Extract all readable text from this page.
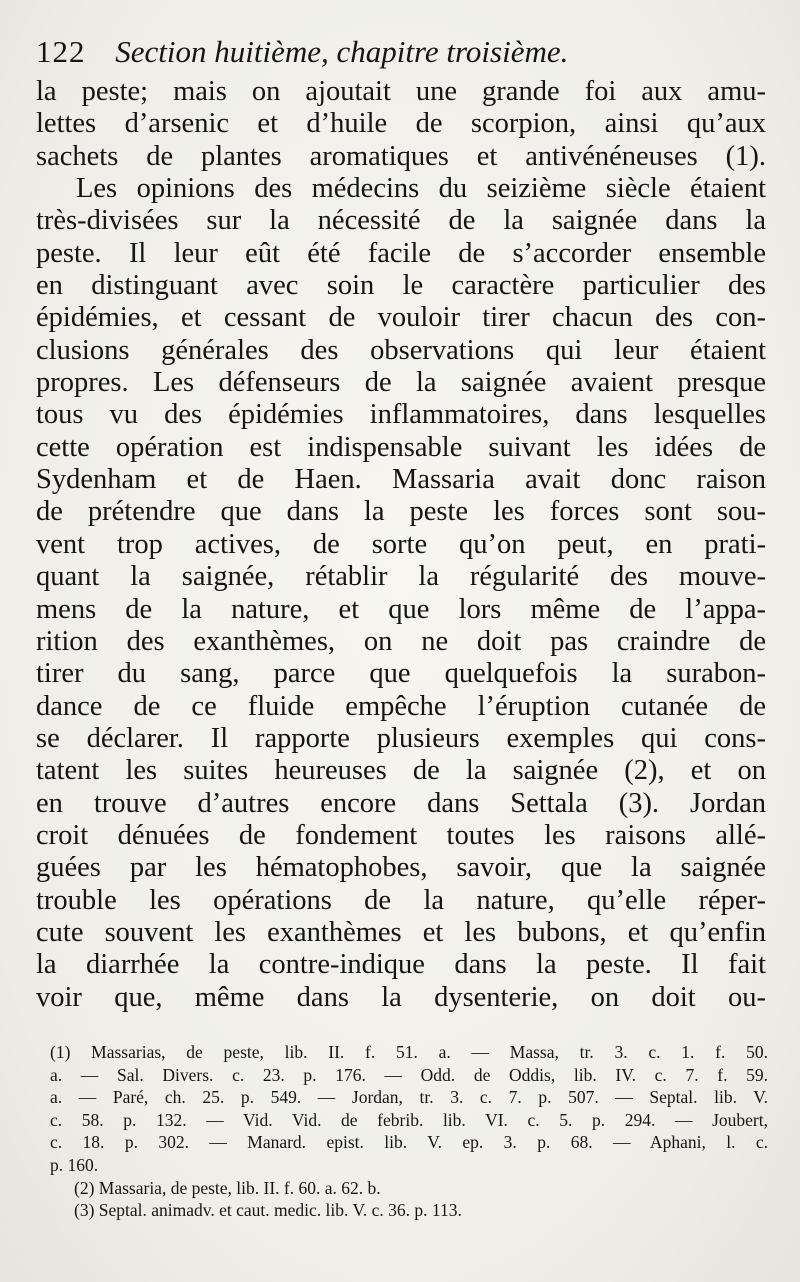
122 Section huitième, chapitre troisième.
la peste; mais on ajoutait une grande foi aux amu-
lettes d’arsenic et d’huile de scorpion, ainsi qu’aux
sachets de plantes aromatiques et antivénéneuses (1).
Les opinions des médecins du seizième siècle étaient
très-divisées sur la nécessité de la saignée dans la
peste. Il leur eût été facile de s’accorder ensemble
en distinguant avec soin le caractère particulier des
épidémies, et cessant de vouloir tirer chacun des con-
clusions générales des observations qui leur étaient
propres. Les défenseurs de la saignée avaient presque
tous vu des épidémies inflammatoires, dans lesquelles
cette opération est indispensable suivant les idées de
Sydenham et de Haen. Massaria avait donc raison
de prétendre que dans la peste les forces sont sou-
vent trop actives, de sorte qu’on peut, en prati-
quant la saignée, rétablir la régularité des mouve-
mens de la nature, et que lors même de l’appa-
rition des exanthèmes, on ne doit pas craindre de
tirer du sang, parce que quelquefois la surabon-
dance de ce fluide empêche l’éruption cutanée de
se déclarer. Il rapporte plusieurs exemples qui cons-
tatent les suites heureuses de la saignée (2), et on
en trouve d’autres encore dans Settala (3). Jordan
croit dénuées de fondement toutes les raisons allé-
guées par les hématophobes, savoir, que la saignée
trouble les opérations de la nature, qu’elle réper-
cute souvent les exanthèmes et les bubons, et qu’enfin
la diarrhée la contre-indique dans la peste. Il fait
voir que, même dans la dysenterie, on doit ou-
(1) Massarias, de peste, lib. II. f. 51. a. — Massa, tr. 3. c. 1. f. 50.
a. — Sal. Divers. c. 23. p. 176. — Odd. de Oddis, lib. IV. c. 7. f. 59.
a. — Paré, ch. 25. p. 549. — Jordan, tr. 3. c. 7. p. 507. — Septal. lib. V.
c. 58. p. 132. — Vid. Vid. de febrib. lib. VI. c. 5. p. 294. — Joubert,
c. 18. p. 302. — Manard. epist. lib. V. ep. 3. p. 68. — Aphani, l. c.
p. 160.
(2) Massaria, de peste, lib. II. f. 60. a. 62. b.
(3) Septal. animadv. et caut. medic. lib. V. c. 36. p. 113.
